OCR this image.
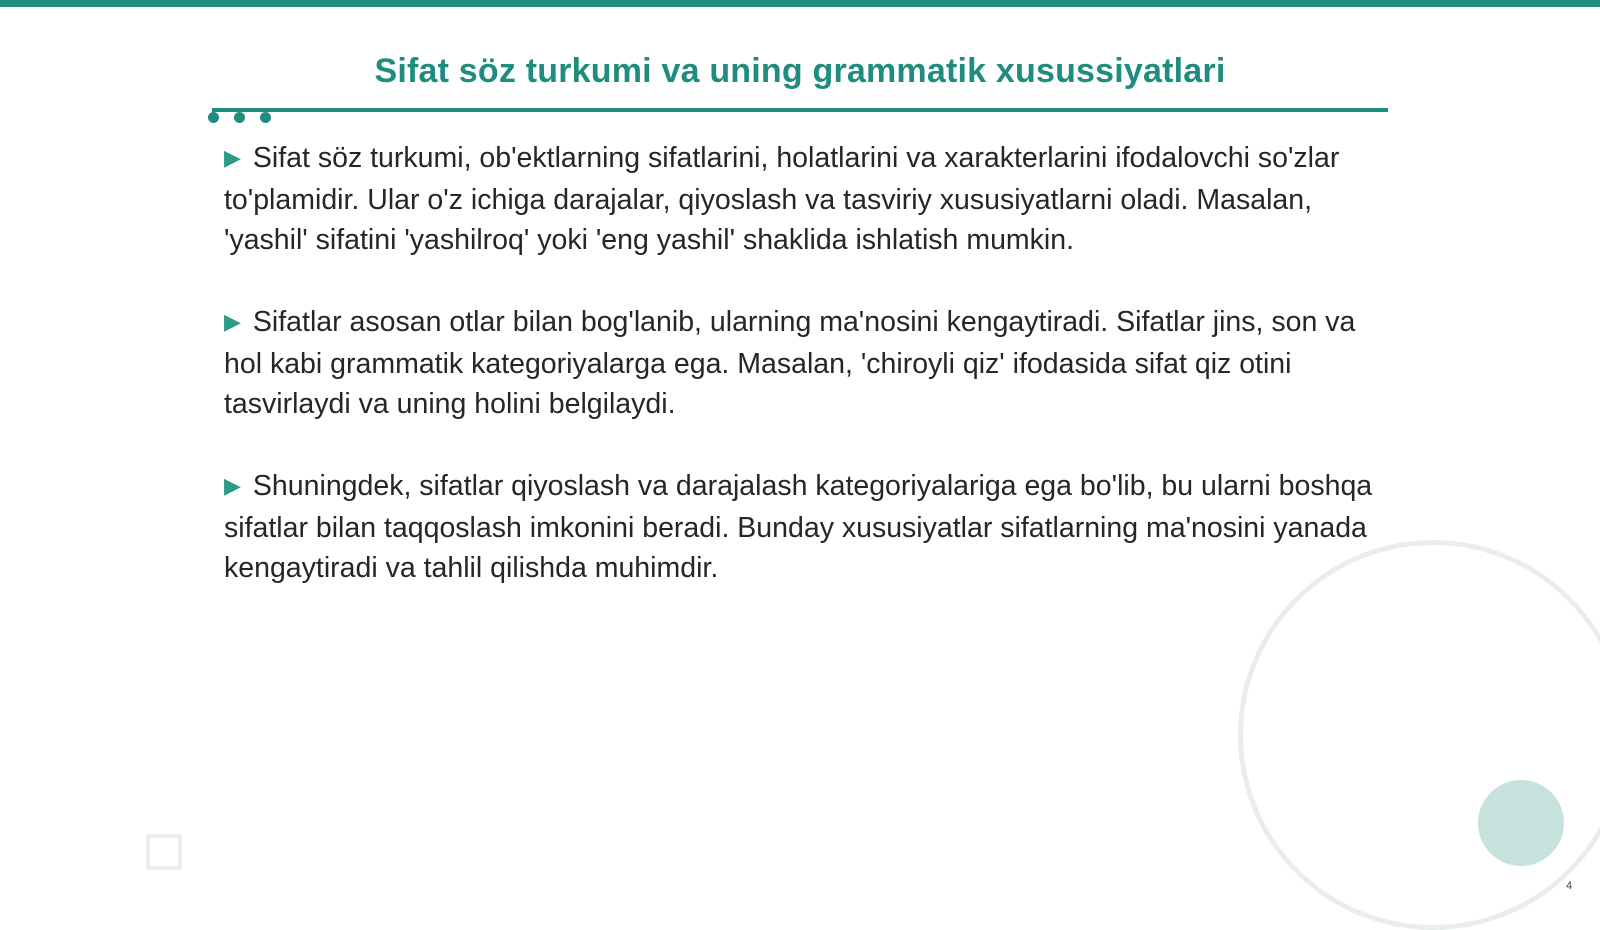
Sifat söz turkumi va uning grammatik xusussiyatlari

▶ Sifat söz turkumi, ob'ektlarning sifatlarini, holatlarini va xarakterlarini ifodalovchi so'zlar to'plamidir. Ular o'z ichiga darajalar, qiyoslash va tasviriy xususiyatlarni oladi. Masalan, 'yashil' sifatini 'yashilroq' yoki 'eng yashil' shaklida ishlatish mumkin.

▶ Sifatlar asosan otlar bilan bog'lanib, ularning ma'nosini kengaytiradi. Sifatlar jins, son va hol kabi grammatik kategoriyalarga ega. Masalan, 'chiroyli qiz' ifodasida sifat qiz otini tasvirlaydi va uning holini belgilaydi.

▶ Shuningdek, sifatlar qiyoslash va darajalash kategoriyalariga ega bo'lib, bu ularni boshqa sifatlar bilan taqqoslash imkonini beradi. Bunday xususiyatlar sifatlarning ma'nosini yanada kengaytiradi va tahlil qilishda muhimdir.

4
